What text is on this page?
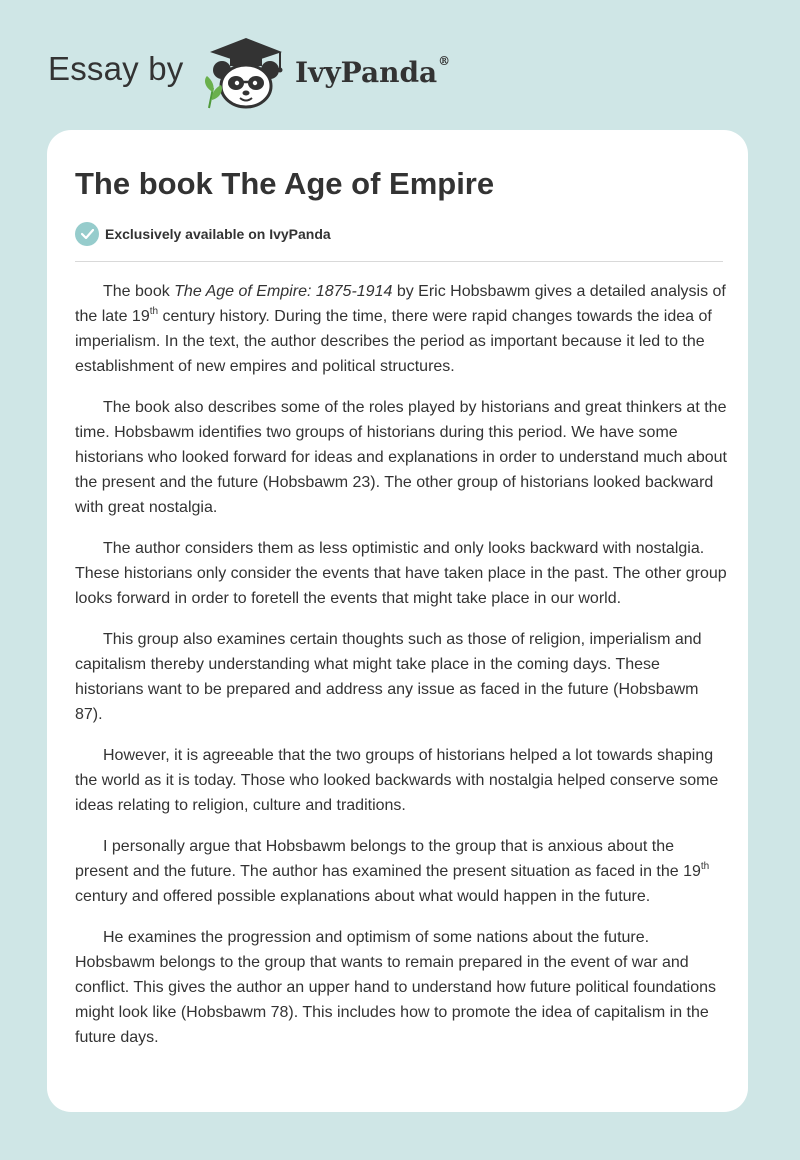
Essay by	IvyPanda®
The book The Age of Empire
Exclusively available on IvyPanda

The book The Age of Empire: 1875-1914 by Eric Hobsbawm gives a detailed analysis of the late 19th century history. During the time, there were rapid changes towards the idea of imperialism. In the text, the author describes the period as important because it led to the establishment of new empires and political structures.

The book also describes some of the roles played by historians and great thinkers at the time. Hobsbawm identifies two groups of historians during this period. We have some historians who looked forward for ideas and explanations in order to understand much about the present and the future (Hobsbawm 23). The other group of historians looked backward with great nostalgia.

The author considers them as less optimistic and only looks backward with nostalgia. These historians only consider the events that have taken place in the past. The other group looks forward in order to foretell the events that might take place in our world.

This group also examines certain thoughts such as those of religion, imperialism and capitalism thereby understanding what might take place in the coming days. These historians want to be prepared and address any issue as faced in the future (Hobsbawm 87).

However, it is agreeable that the two groups of historians helped a lot towards shaping the world as it is today. Those who looked backwards with nostalgia helped conserve some ideas relating to religion, culture and traditions.

I personally argue that Hobsbawm belongs to the group that is anxious about the present and the future. The author has examined the present situation as faced in the 19th century and offered possible explanations about what would happen in the future.

He examines the progression and optimism of some nations about the future. Hobsbawm belongs to the group that wants to remain prepared in the event of war and conflict. This gives the author an upper hand to understand how future political foundations might look like (Hobsbawm 78). This includes how to promote the idea of capitalism in the future days.
